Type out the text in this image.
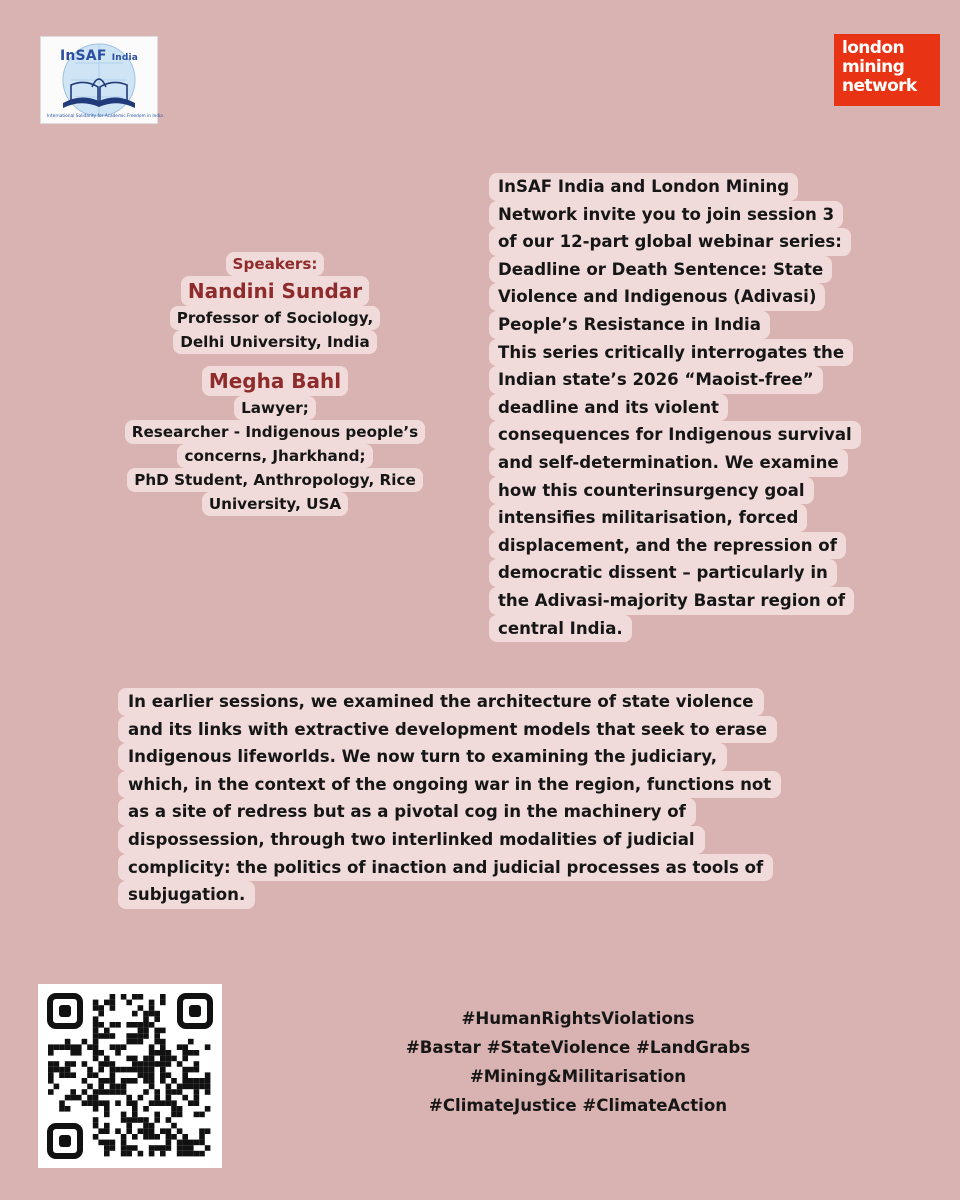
InSAF India
International Solidarity for Academic Freedom in India
london
mining
network
Speakers:
Nandini Sundar
Professor of Sociology,
Delhi University, India
Megha Bahl
Lawyer;
Researcher - Indigenous people’s
concerns, Jharkhand;
PhD Student, Anthropology, Rice
University, USA
InSAF India and London Mining
Network invite you to join session 3
of our 12-part global webinar series:
Deadline or Death Sentence: State
Violence and Indigenous (Adivasi)
People’s Resistance in India
This series critically interrogates the
Indian state’s 2026 “Maoist-free”
deadline and its violent
consequences for Indigenous survival
and self-determination. We examine
how this counterinsurgency goal
intensifies militarisation, forced
displacement, and the repression of
democratic dissent – particularly in
the Adivasi-majority Bastar region of
central India.
In earlier sessions, we examined the architecture of state violence
and its links with extractive development models that seek to erase
Indigenous lifeworlds. We now turn to examining the judiciary,
which, in the context of the ongoing war in the region, functions not
as a site of redress but as a pivotal cog in the machinery of
dispossession, through two interlinked modalities of judicial
complicity: the politics of inaction and judicial processes as tools of
subjugation.
#HumanRightsViolations
#Bastar #StateViolence #LandGrabs
#Mining&Militarisation
#ClimateJustice #ClimateAction
